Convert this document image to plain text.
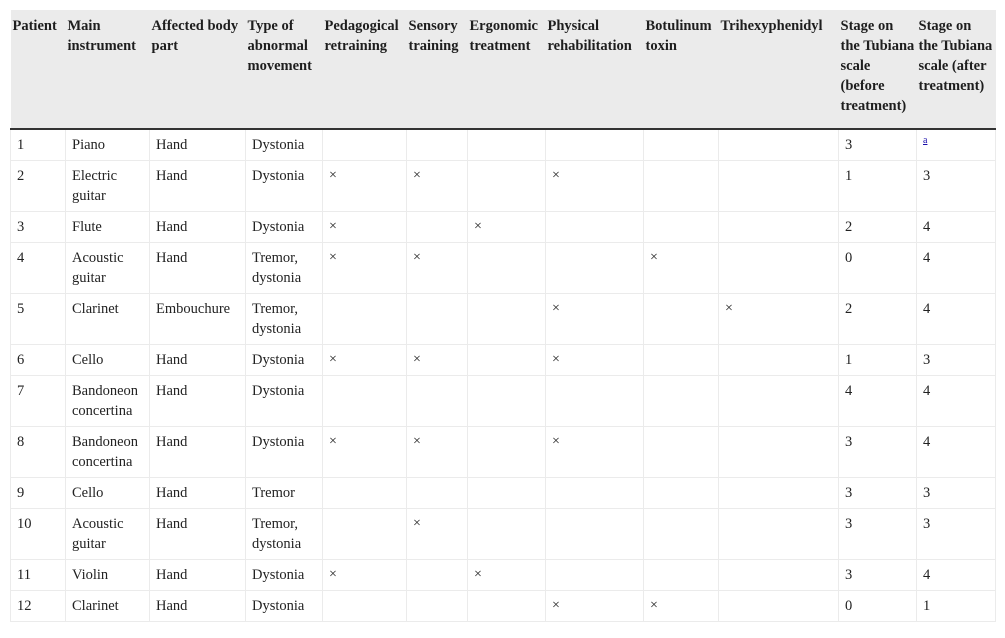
Patient	Main instrument	Affected body part	Type of abnormal movement	Pedagogical retraining	Sensory training	Ergonomic treatment	Physical rehabilitation	Botulinum toxin	Trihexyphenidyl	Stage on the Tubiana scale (before treatment)	Stage on the Tubiana scale (after treatment)
1	Piano	Hand	Dystonia							3	$^a$
2	Electric guitar	Hand	Dystonia	×	×		×			1	3
3	Flute	Hand	Dystonia	×		×				2	4
4	Acoustic guitar	Hand	Tremor, dystonia	×	×			×		0	4
5	Clarinet	Embouchure	Tremor, dystonia				×		×	2	4
6	Cello	Hand	Dystonia	×	×		×			1	3
7	Bandoneon concertina	Hand	Dystonia							4	4
8	Bandoneon concertina	Hand	Dystonia	×	×		×			3	4
9	Cello	Hand	Tremor							3	3
10	Acoustic guitar	Hand	Tremor, dystonia		×					3	3
11	Violin	Hand	Dystonia	×		×				3	4
12	Clarinet	Hand	Dystonia				×	×		0	1
